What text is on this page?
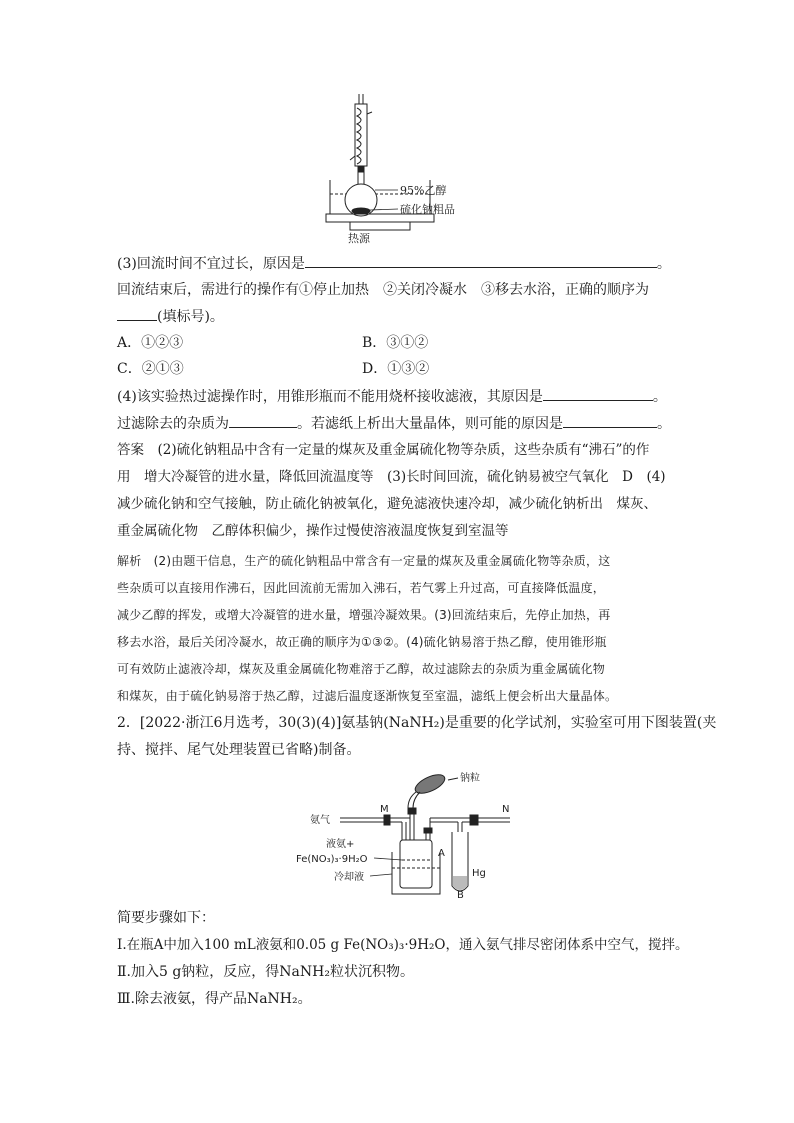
95%乙醇
硫化钠粗品
热源
(3)回流时间不宜过长，原因是	。
回流结束后，需进行的操作有①停止加热　②关闭冷凝水　③移去水浴，正确的顺序为
(填标号)。
A．①②③	B．③①②
C．②①③	D．①③②
(4)该实验热过滤操作时，用锥形瓶而不能用烧杯接收滤液，其原因是	。
过滤除去的杂质为	。若滤纸上析出大量晶体，则可能的原因是	。
答案　(2)硫化钠粗品中含有一定量的煤灰及重金属硫化物等杂质，这些杂质有“沸石”的作
用　增大冷凝管的进水量，降低回流温度等　(3)长时间回流，硫化钠易被空气氧化　D　(4)
减少硫化钠和空气接触，防止硫化钠被氧化，避免滤液快速冷却，减少硫化钠析出　煤灰、
重金属硫化物　乙醇体积偏少，操作过慢使溶液温度恢复到室温等
解析　(2)由题干信息，生产的硫化钠粗品中常含有一定量的煤灰及重金属硫化物等杂质，这
些杂质可以直接用作沸石，因此回流前无需加入沸石，若气雾上升过高，可直接降低温度，
减少乙醇的挥发，或增大冷凝管的进水量，增强冷凝效果。(3)回流结束后，先停止加热，再
移去水浴，最后关闭冷凝水，故正确的顺序为①③②。(4)硫化钠易溶于热乙醇，使用锥形瓶
可有效防止滤液冷却，煤灰及重金属硫化物难溶于乙醇，故过滤除去的杂质为重金属硫化物
和煤灰，由于硫化钠易溶于热乙醇，过滤后温度逐渐恢复至室温，滤纸上便会析出大量晶体。
2．[2022·浙江6月选考，30(3)(4)]氨基钠(NaNH₂)是重要的化学试剂，实验室可用下图装置(夹
持、搅拌、尾气处理装置已省略)制备。
钠粒
氨气
M
A
N
Hg
B
液氨+
Fe(NO₃)₃·9H₂O
冷却液
简要步骤如下：
Ⅰ.在瓶A中加入100 mL液氨和0.05 g Fe(NO₃)₃·9H₂O，通入氨气排尽密闭体系中空气，搅拌。
Ⅱ.加入5 g钠粒，反应，得NaNH₂粒状沉积物。
Ⅲ.除去液氨，得产品NaNH₂。
